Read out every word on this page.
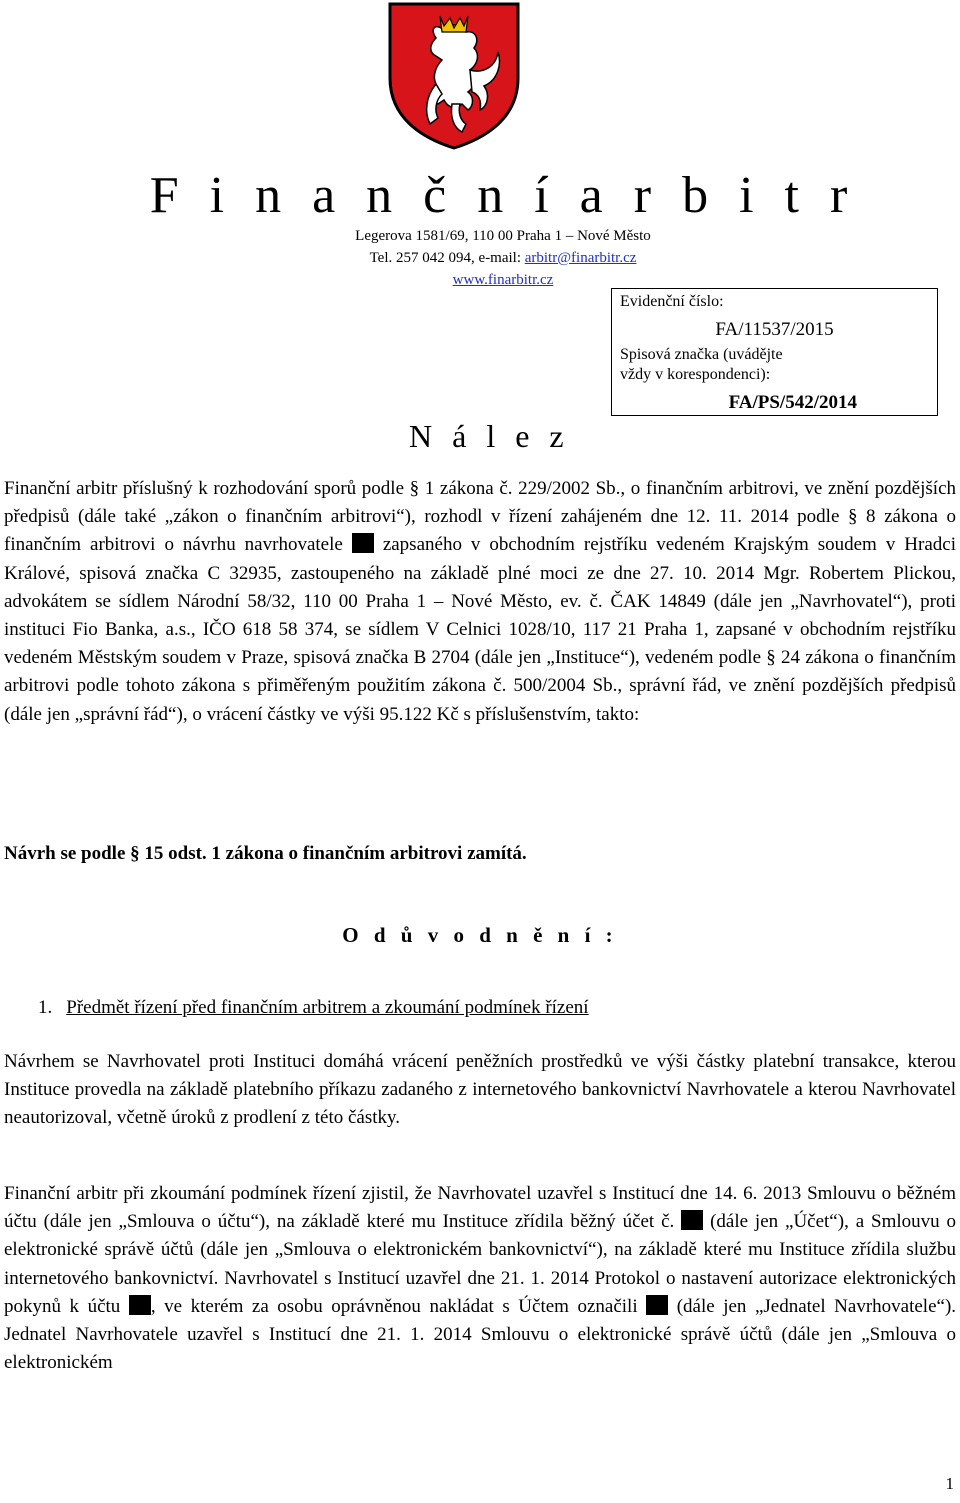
F i n a n č n í a r b i t r
Legerova 1581/69, 110 00 Praha 1 – Nové Město
Tel. 257 042 094, e-mail: arbitr@finarbitr.cz
www.finarbitr.cz
Evidenční číslo:
FA/11537/2015
Spisová značka (uvádějte vždy v korespondenci):
FA/PS/542/2014
N á l e z
Finanční arbitr příslušný k rozhodování sporů podle § 1 zákona č. 229/2002 Sb., o finančním arbitrovi, ve znění pozdějších předpisů (dále také „zákon o finančním arbitrovi“), rozhodl v řízení zahájeném dne 12. 11. 2014 podle § 8 zákona o finančním arbitrovi o návrhu navrhovatele zapsaného v obchodním rejstříku vedeném Krajským soudem v Hradci Králové, spisová značka C 32935, zastoupeného na základě plné moci ze dne 27. 10. 2014 Mgr. Robertem Plickou, advokátem se sídlem Národní 58/32, 110 00 Praha 1 – Nové Město, ev. č. ČAK 14849 (dále jen „Navrhovatel“), proti instituci Fio Banka, a.s., IČO 618 58 374, se sídlem V Celnici 1028/10, 117 21 Praha 1, zapsané v obchodním rejstříku vedeném Městským soudem v Praze, spisová značka B 2704 (dále jen „Instituce“), vedeném podle § 24 zákona o finančním arbitrovi podle tohoto zákona s přiměřeným použitím zákona č. 500/2004 Sb., správní řád, ve znění pozdějších předpisů (dále jen „správní řád“), o vrácení částky ve výši 95.122 Kč s příslušenstvím, takto:
Návrh se podle § 15 odst. 1 zákona o finančním arbitrovi zamítá.
O d ů v o d n ě n í :
1. Předmět řízení před finančním arbitrem a zkoumání podmínek řízení
Návrhem se Navrhovatel proti Instituci domáhá vrácení peněžních prostředků ve výši částky platební transakce, kterou Instituce provedla na základě platebního příkazu zadaného z internetového bankovnictví Navrhovatele a kterou Navrhovatel neautorizoval, včetně úroků z prodlení z této částky.
Finanční arbitr při zkoumání podmínek řízení zjistil, že Navrhovatel uzavřel s Institucí dne 14. 6. 2013 Smlouvu o běžném účtu (dále jen „Smlouva o účtu“), na základě které mu Instituce zřídila běžný účet č. (dále jen „Účet“), a Smlouvu o elektronické správě účtů (dále jen „Smlouva o elektronickém bankovnictví“), na základě které mu Instituce zřídila službu internetového bankovnictví. Navrhovatel s Institucí uzavřel dne 21. 1. 2014 Protokol o nastavení autorizace elektronických pokynů k účtu , ve kterém za osobu oprávněnou nakládat s Účtem označili (dále jen „Jednatel Navrhovatele“). Jednatel Navrhovatele uzavřel s Institucí dne 21. 1. 2014 Smlouvu o elektronické správě účtů (dále jen „Smlouva o elektronickém
1
